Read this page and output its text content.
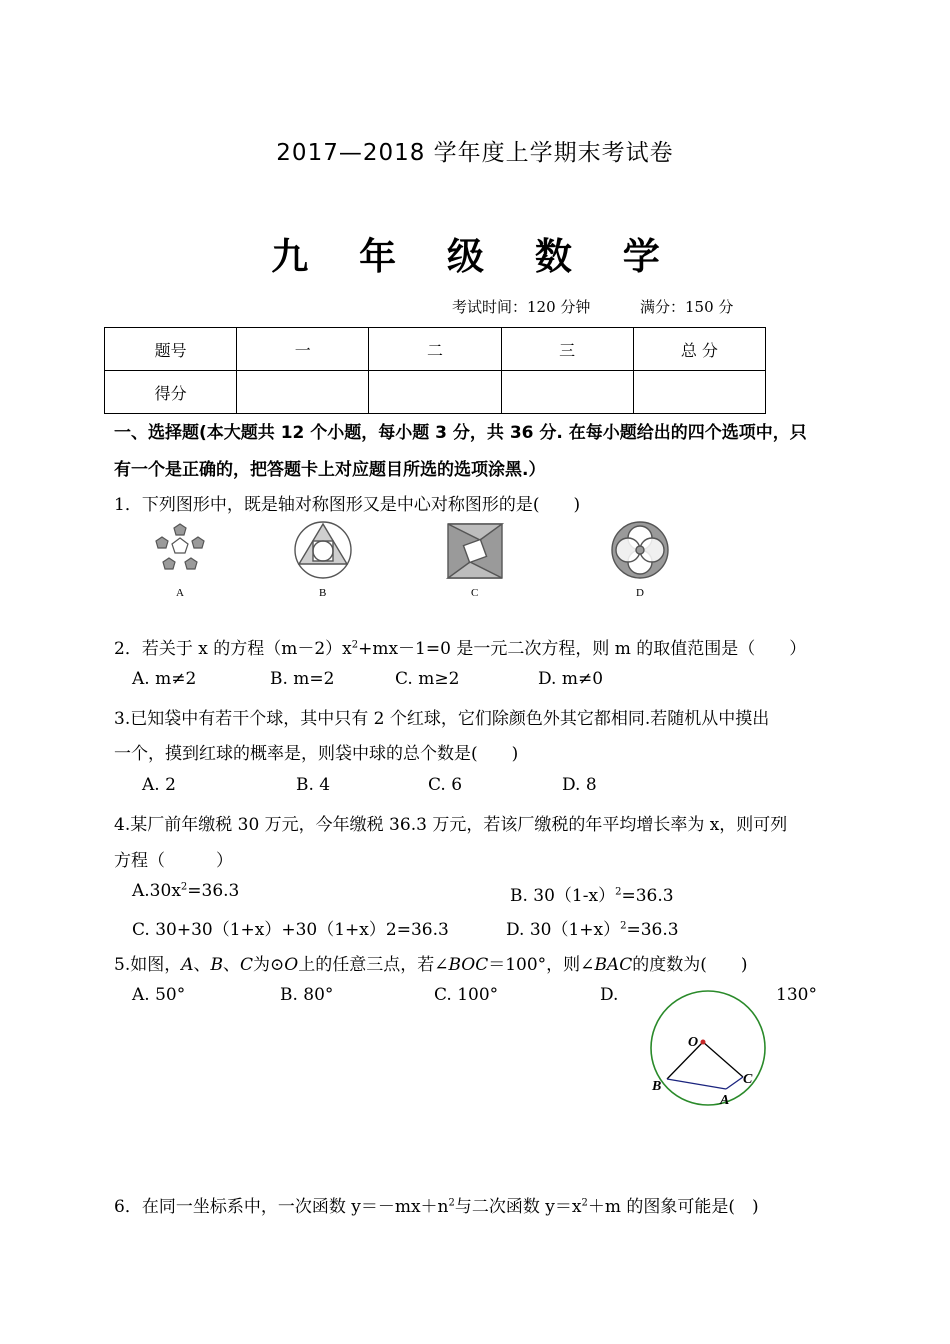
2017—2018 学年度上学期末考试卷
九 年 级 数 学
考试时间：120 分钟	满分：150 分
题号	一	二	三	总 分
得分				
一、选择题(本大题共 12 个小题，每小题 3 分，共 36 分. 在每小题给出的四个选项中，只
有一个是正确的，把答题卡上对应题目所选的选项涂黑.）
1．下列图形中，既是轴对称图形又是中心对称图形的是(　　)
A	B	C	D
2．若关于 x 的方程$(m-2)x^2+mx-1=0$ 是一元二次方程，则 m 的取值范围是（　　）
A. m≠2	B. m=2	C. m≥2	D. m≠0
3.已知袋中有若干个球，其中只有 2 个红球，它们除颜色外其它都相同.若随机从中摸出
一个，摸到红球的概率是，则袋中球的总个数是(　　)
A. 2	B. 4	C. 6	D. 8
4.某厂前年缴税 30 万元，今年缴税 36.3 万元，若该厂缴税的年平均增长率为 x，则可列
方程（　　　）
$A.30x^2=36.3$	B. $30(1-x)^2=36.3$
C. 30+30（1+x）+30（1+x）2=36.3	D. $30(1+x)^2=36.3$
5.如图，A、B、C为⊙O上的任意三点，若∠BOC＝100°，则∠BAC的度数为(　　)
A. 50°	B. 80°	C. 100°	D.	130°
O
B	C
A
6．在同一坐标系中，一次函数 $y=-mx+n^2$与二次函数 $y=x^2+m$ 的图象可能是(　)
